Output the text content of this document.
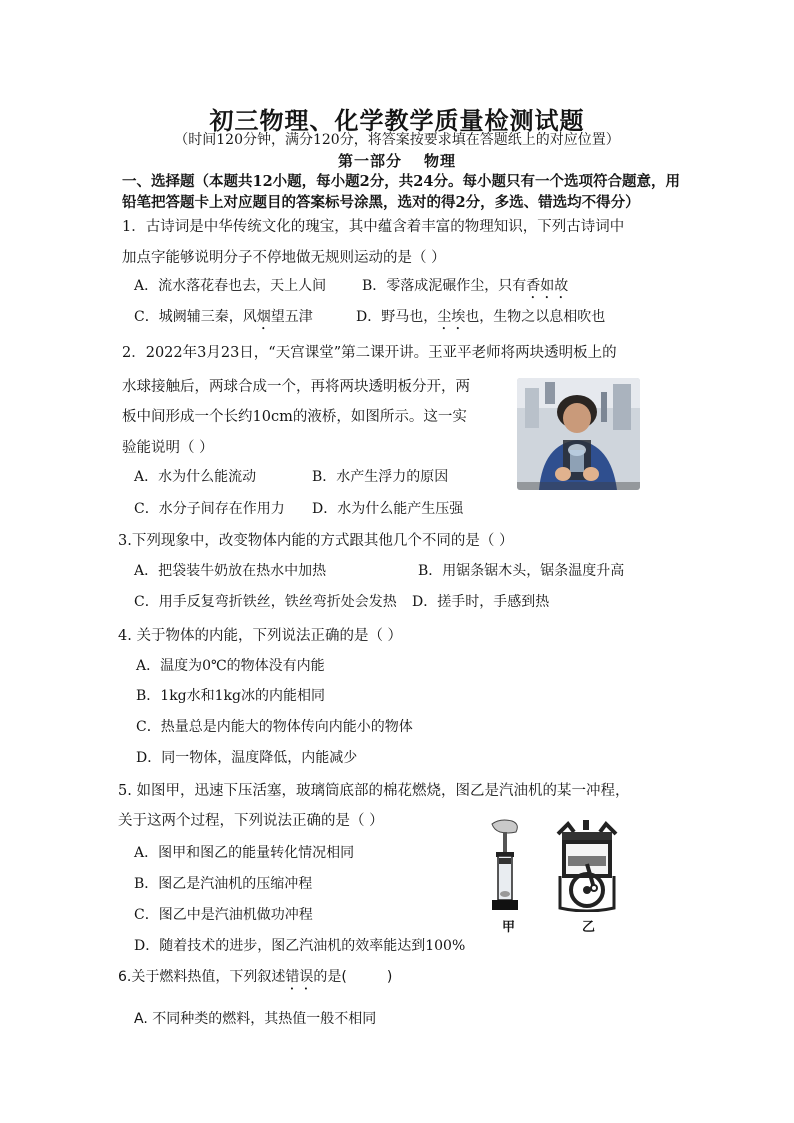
初三物理、化学教学质量检测试题
（时间120分钟，满分120分，将答案按要求填在答题纸上的对应位置）
第一部分 物理
一、选择题（本题共12小题，每小题2分，共24分。每小题只有一个选项符合题意，用
铅笔把答题卡上对应题目的答案标号涂黑，选对的得2分，多选、错选均不得分）
1．古诗词是中华传统文化的瑰宝，其中蕴含着丰富的物理知识，下列古诗词中
加点字能够说明分子不停地做无规则运动的是（ ）
A．流水落花春也去，天上人间	B．零落成泥碾作尘，只有香如故
C．城阙辅三秦，风烟望五津	D．野马也，尘埃也，生物之以息相吹也
2．2022年3月23日，“天宫课堂”第二课开讲。王亚平老师将两块透明板上的
水球接触后，两球合成一个，再将两块透明板分开，两
板中间形成一个长约10cm的液桥，如图所示。这一实
验能说明（ ）
A．水为什么能流动	B．水产生浮力的原因
C．水分子间存在作用力 D．水为什么能产生压强
3.下列现象中，改变物体内能的方式跟其他几个不同的是（ ）
A．把袋装牛奶放在热水中加热	B．用锯条锯木头，锯条温度升高
C．用手反复弯折铁丝，铁丝弯折处会发热 D．搓手时，手感到热
4. 关于物体的内能，下列说法正确的是（ ）
A．温度为0℃的物体没有内能
B．1kg水和1kg冰的内能相同
C．热量总是内能大的物体传向内能小的物体
D．同一物体，温度降低，内能减少
5. 如图甲，迅速下压活塞，玻璃筒底部的棉花燃烧，图乙是汽油机的某一冲程，
关于这两个过程，下列说法正确的是（ ）
A．图甲和图乙的能量转化情况相同
B．图乙是汽油机的压缩冲程
C．图乙中是汽油机做功冲程
D．随着技术的进步，图乙汽油机的效率能达到100%
甲	乙
6.关于燃料热值，下列叙述错误的是(	)
A. 不同种类的燃料，其热值一般不相同
